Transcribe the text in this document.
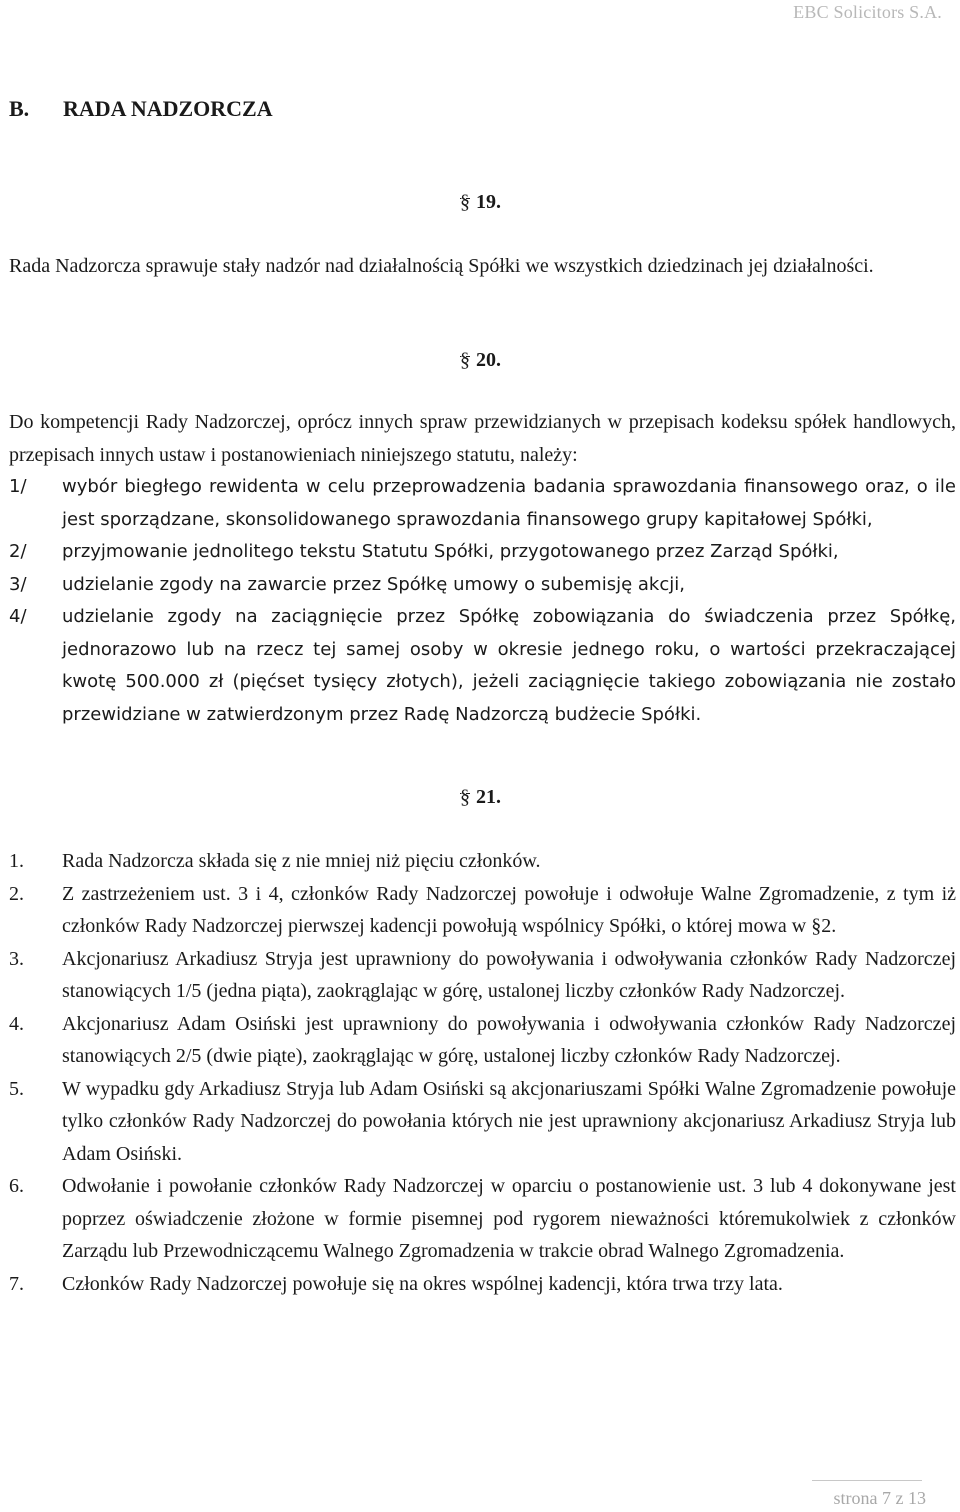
EBC Solicitors S.A.
B. RADA NADZORCZA
§ 19.

Rada Nadzorcza sprawuje stały nadzór nad działalnością Spółki we wszystkich dziedzinach jej działalności.

§ 20.

Do kompetencji Rady Nadzorczej, oprócz innych spraw przewidzianych w przepisach kodeksu spółek handlowych, przepisach innych ustaw i postanowieniach niniejszego statutu, należy:

1/	wybór biegłego rewidenta w celu przeprowadzenia badania sprawozdania finansowego oraz, o ile jest sporządzane, skonsolidowanego sprawozdania finansowego grupy kapitałowej Spółki,
2/	przyjmowanie jednolitego tekstu Statutu Spółki, przygotowanego przez Zarząd Spółki,
3/	udzielanie zgody na zawarcie przez Spółkę umowy o subemisję akcji,
4/	udzielanie zgody na zaciągnięcie przez Spółkę zobowiązania do świadczenia przez Spółkę, jednorazowo lub na rzecz tej samej osoby w okresie jednego roku, o wartości przekraczającej kwotę 500.000 zł (pięćset tysięcy złotych), jeżeli zaciągnięcie takiego zobowiązania nie zostało przewidziane w zatwierdzonym przez Radę Nadzorczą budżecie Spółki.
§ 21.
1.	Rada Nadzorcza składa się z nie mniej niż pięciu członków.
2.	Z zastrzeżeniem ust. 3 i 4, członków Rady Nadzorczej powołuje i odwołuje Walne Zgromadzenie, z tym iż członków Rady Nadzorczej pierwszej kadencji powołują wspólnicy Spółki, o której mowa w §2.
3.	Akcjonariusz Arkadiusz Stryja jest uprawniony do powoływania i odwoływania członków Rady Nadzorczej stanowiących 1/5 (jedna piąta), zaokrąglając w górę, ustalonej liczby członków Rady Nadzorczej.
4.	Akcjonariusz Adam Osiński jest uprawniony do powoływania i odwoływania członków Rady Nadzorczej stanowiących 2/5 (dwie piąte), zaokrąglając w górę, ustalonej liczby członków Rady Nadzorczej.
5.	W wypadku gdy Arkadiusz Stryja lub Adam Osiński są akcjonariuszami Spółki Walne Zgromadzenie powołuje tylko członków Rady Nadzorczej do powołania których nie jest uprawniony akcjonariusz Arkadiusz Stryja lub Adam Osiński.
6.	Odwołanie i powołanie członków Rady Nadzorczej w oparciu o postanowienie ust. 3 lub 4 dokonywane jest poprzez oświadczenie złożone w formie pisemnej pod rygorem nieważności któremukolwiek z członków Zarządu lub Przewodniczącemu Walnego Zgromadzenia w trakcie obrad Walnego Zgromadzenia.
7.	Członków Rady Nadzorczej powołuje się na okres wspólnej kadencji, która trwa trzy lata.
strona 7 z 13
